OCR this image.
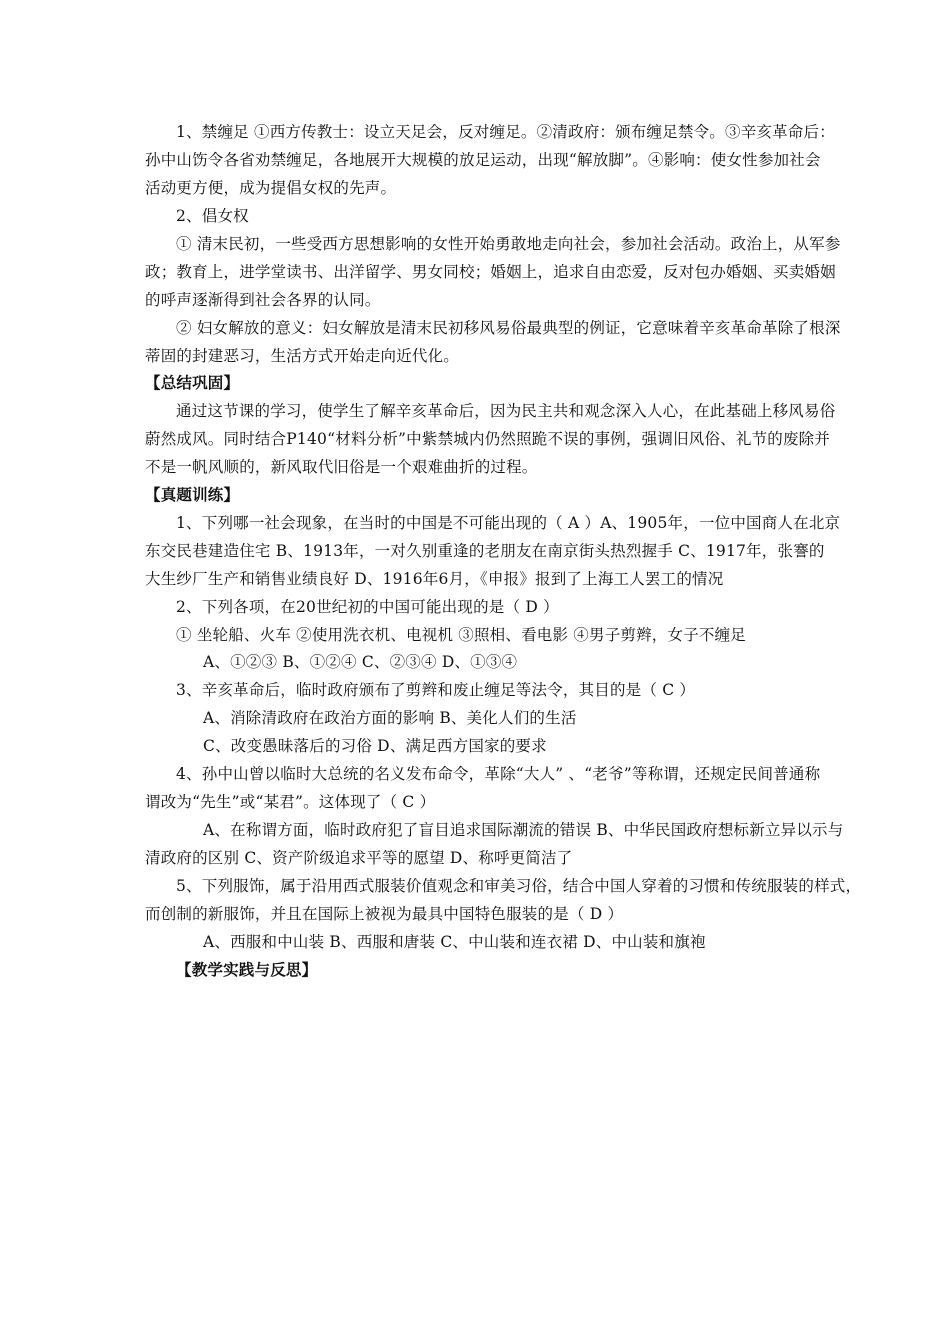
1、禁缠足 ①西方传教士：设立天足会，反对缠足。②清政府：颁布缠足禁令。③辛亥革命后：
孙中山饬令各省劝禁缠足，各地展开大规模的放足运动，出现“解放脚”。④影响：使女性参加社会
活动更方便，成为提倡女权的先声。
2、倡女权
① 清末民初，一些受西方思想影响的女性开始勇敢地走向社会，参加社会活动。政治上，从军参
政；教育上，进学堂读书、出洋留学、男女同校；婚姻上，追求自由恋爱，反对包办婚姻、买卖婚姻
的呼声逐渐得到社会各界的认同。
② 妇女解放的意义：妇女解放是清末民初移风易俗最典型的例证，它意味着辛亥革命革除了根深
蒂固的封建恶习，生活方式开始走向近代化。
【总结巩固】
通过这节课的学习，使学生了解辛亥革命后，因为民主共和观念深入人心，在此基础上移风易俗
蔚然成风。同时结合P140“材料分析”中紫禁城内仍然照跪不误的事例，强调旧风俗、礼节的废除并
不是一帆风顺的，新风取代旧俗是一个艰难曲折的过程。
【真题训练】
1、下列哪一社会现象，在当时的中国是不可能出现的（ A ）A、1905年，一位中国商人在北京
东交民巷建造住宅 B、1913年，一对久别重逢的老朋友在南京街头热烈握手 C、1917年，张謇的
大生纱厂生产和销售业绩良好 D、1916年6月，《申报》报到了上海工人罢工的情况
2、下列各项，在20世纪初的中国可能出现的是（ D ）
① 坐轮船、火车 ②使用洗衣机、电视机 ③照相、看电影 ④男子剪辫，女子不缠足
A、①②③ B、①②④ C、②③④ D、①③④
3、辛亥革命后，临时政府颁布了剪辫和废止缠足等法令，其目的是（ C ）
A、消除清政府在政治方面的影响 B、美化人们的生活
C、改变愚昧落后的习俗 D、满足西方国家的要求
4、孙中山曾以临时大总统的名义发布命令，革除“大人” 、“老爷”等称谓，还规定民间普通称
谓改为“先生”或“某君”。这体现了（ C ）
A、在称谓方面，临时政府犯了盲目追求国际潮流的错误 B、中华民国政府想标新立异以示与
清政府的区别 C、资产阶级追求平等的愿望 D、称呼更简洁了
5、下列服饰，属于沿用西式服装价值观念和审美习俗，结合中国人穿着的习惯和传统服装的样式，
而创制的新服饰，并且在国际上被视为最具中国特色服装的是（ D ）
A、西服和中山装 B、西服和唐装 C、中山装和连衣裙 D、中山装和旗袍
【教学实践与反思】
